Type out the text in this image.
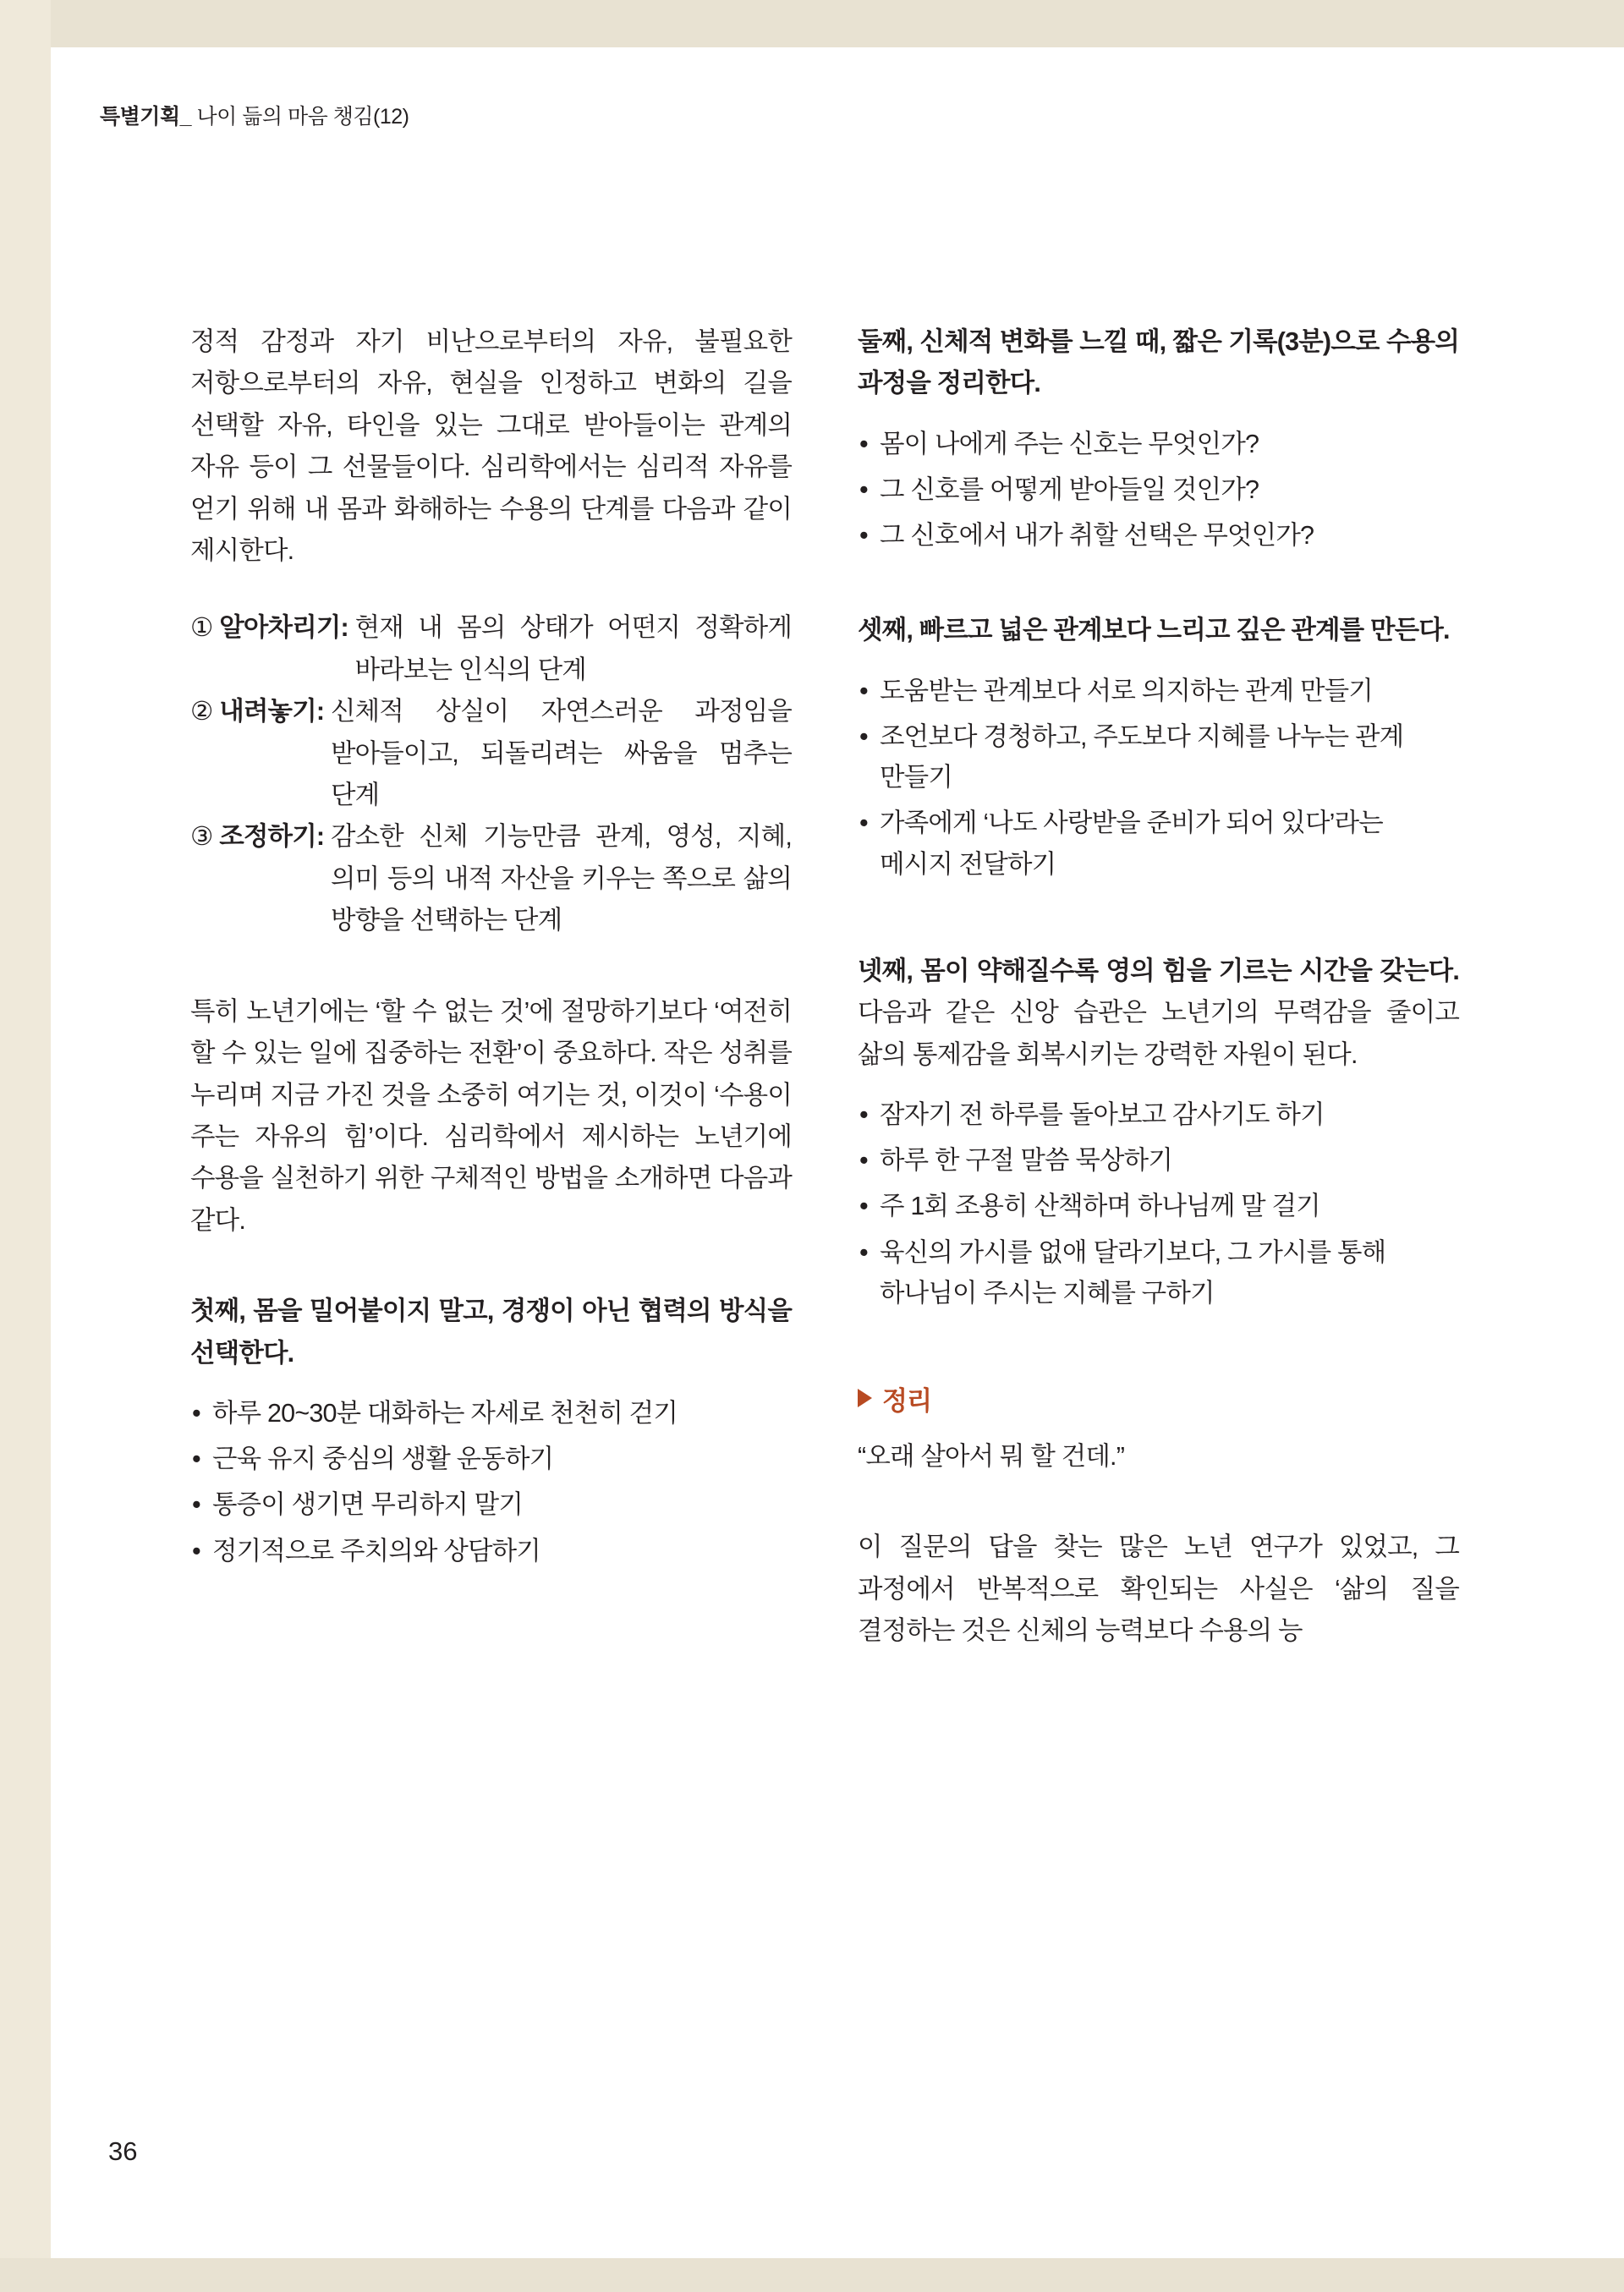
특별기획_ 나이 듦의 마음 챙김(12)

정적 감정과 자기 비난으로부터의 자유, 불필요한 저항으로부터의 자유, 현실을 인정하고 변화의 길을 선택할 자유, 타인을 있는 그대로 받아들이는 관계의 자유 등이 그 선물들이다. 심리학에서는 심리적 자유를 얻기 위해 내 몸과 화해하는 수용의 단계를 다음과 같이 제시한다.

① 알아차리기: 현재 내 몸의 상태가 어떤지 정확하게 바라보는 인식의 단계
② 내려놓기: 신체적 상실이 자연스러운 과정임을 받아들이고, 되돌리려는 싸움을 멈추는 단계
③ 조정하기: 감소한 신체 기능만큼 관계, 영성, 지혜, 의미 등의 내적 자산을 키우는 쪽으로 삶의 방향을 선택하는 단계

특히 노년기에는 ‘할 수 없는 것’에 절망하기보다 ‘여전히 할 수 있는 일에 집중하는 전환’이 중요하다. 작은 성취를 누리며 지금 가진 것을 소중히 여기는 것, 이것이 ‘수용이 주는 자유의 힘’이다. 심리학에서 제시하는 노년기에 수용을 실천하기 위한 구체적인 방법을 소개하면 다음과 같다.

첫째, 몸을 밀어붙이지 말고, 경쟁이 아닌 협력의 방식을 선택한다.

• 하루 20~30분 대화하는 자세로 천천히 걷기
• 근육 유지 중심의 생활 운동하기
• 통증이 생기면 무리하지 말기
• 정기적으로 주치의와 상담하기

둘째, 신체적 변화를 느낄 때, 짧은 기록(3분)으로 수용의 과정을 정리한다.

• 몸이 나에게 주는 신호는 무엇인가?
• 그 신호를 어떻게 받아들일 것인가?
• 그 신호에서 내가 취할 선택은 무엇인가?

셋째, 빠르고 넓은 관계보다 느리고 깊은 관계를 만든다.

• 도움받는 관계보다 서로 의지하는 관계 만들기
• 조언보다 경청하고, 주도보다 지혜를 나누는 관계 만들기
• 가족에게 ‘나도 사랑받을 준비가 되어 있다’라는 메시지 전달하기

넷째, 몸이 약해질수록 영의 힘을 기르는 시간을 갖는다. 다음과 같은 신앙 습관은 노년기의 무력감을 줄이고 삶의 통제감을 회복시키는 강력한 자원이 된다.

• 잠자기 전 하루를 돌아보고 감사기도 하기
• 하루 한 구절 말씀 묵상하기
• 주 1회 조용히 산책하며 하나님께 말 걸기
• 육신의 가시를 없애 달라기보다, 그 가시를 통해 하나님이 주시는 지혜를 구하기
정리

“오래 살아서 뭐 할 건데.”

이 질문의 답을 찾는 많은 노년 연구가 있었고, 그 과정에서 반복적으로 확인되는 사실은 ‘삶의 질을 결정하는 것은 신체의 능력보다 수용의 능

36
